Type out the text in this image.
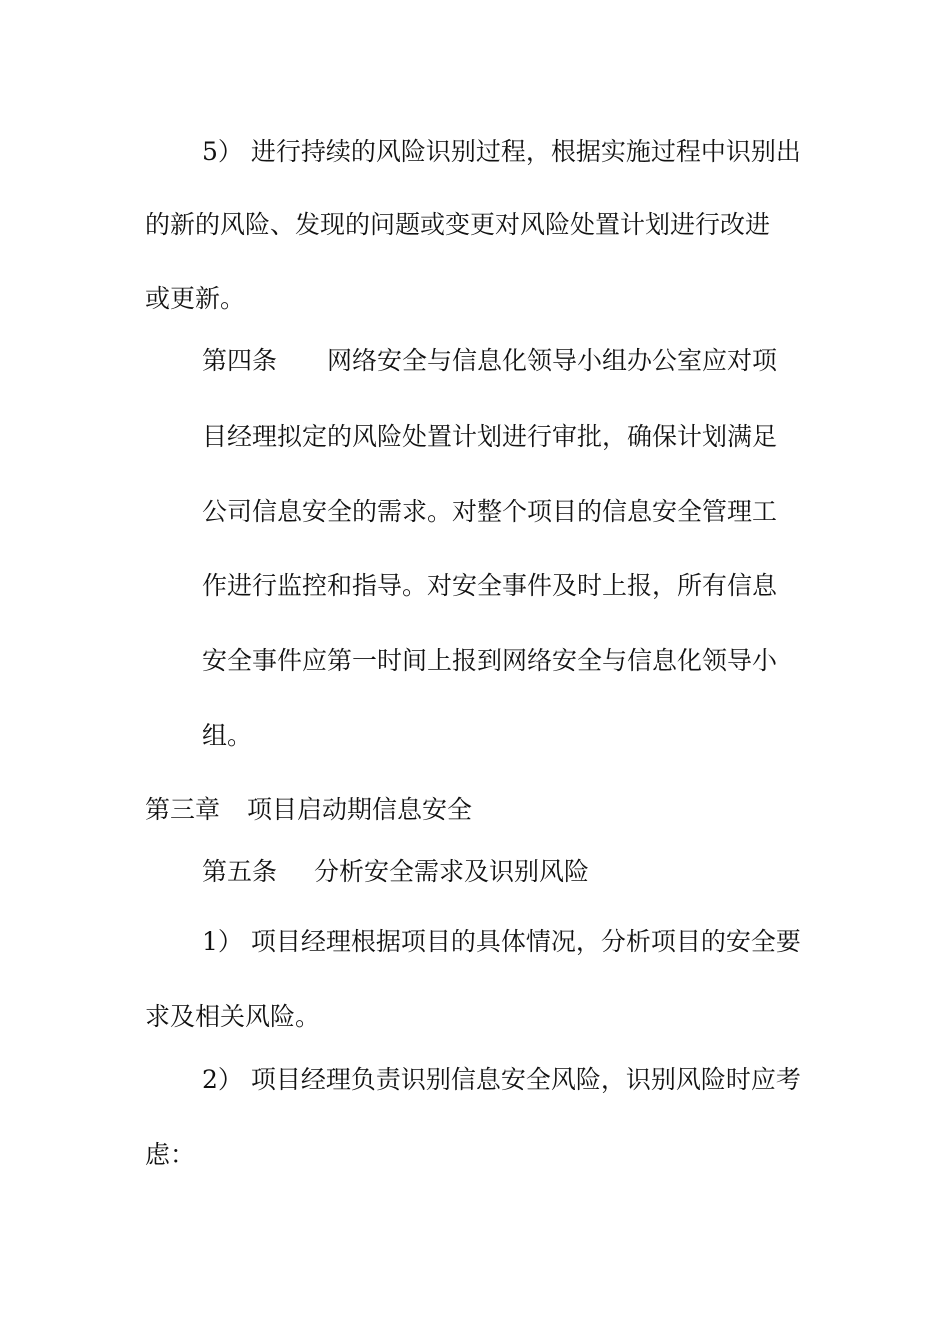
5） 进行持续的风险识别过程，根据实施过程中识别出

的新的风险、发现的问题或变更对风险处置计划进行改进

或更新。

第四条 网络安全与信息化领导小组办公室应对项

目经理拟定的风险处置计划进行审批，确保计划满足

公司信息安全的需求。对整个项目的信息安全管理工

作进行监控和指导。对安全事件及时上报，所有信息

安全事件应第一时间上报到网络安全与信息化领导小

组。

第三章 项目启动期信息安全

第五条 分析安全需求及识别风险

1） 项目经理根据项目的具体情况，分析项目的安全要

求及相关风险。

2） 项目经理负责识别信息安全风险，识别风险时应考

虑：
